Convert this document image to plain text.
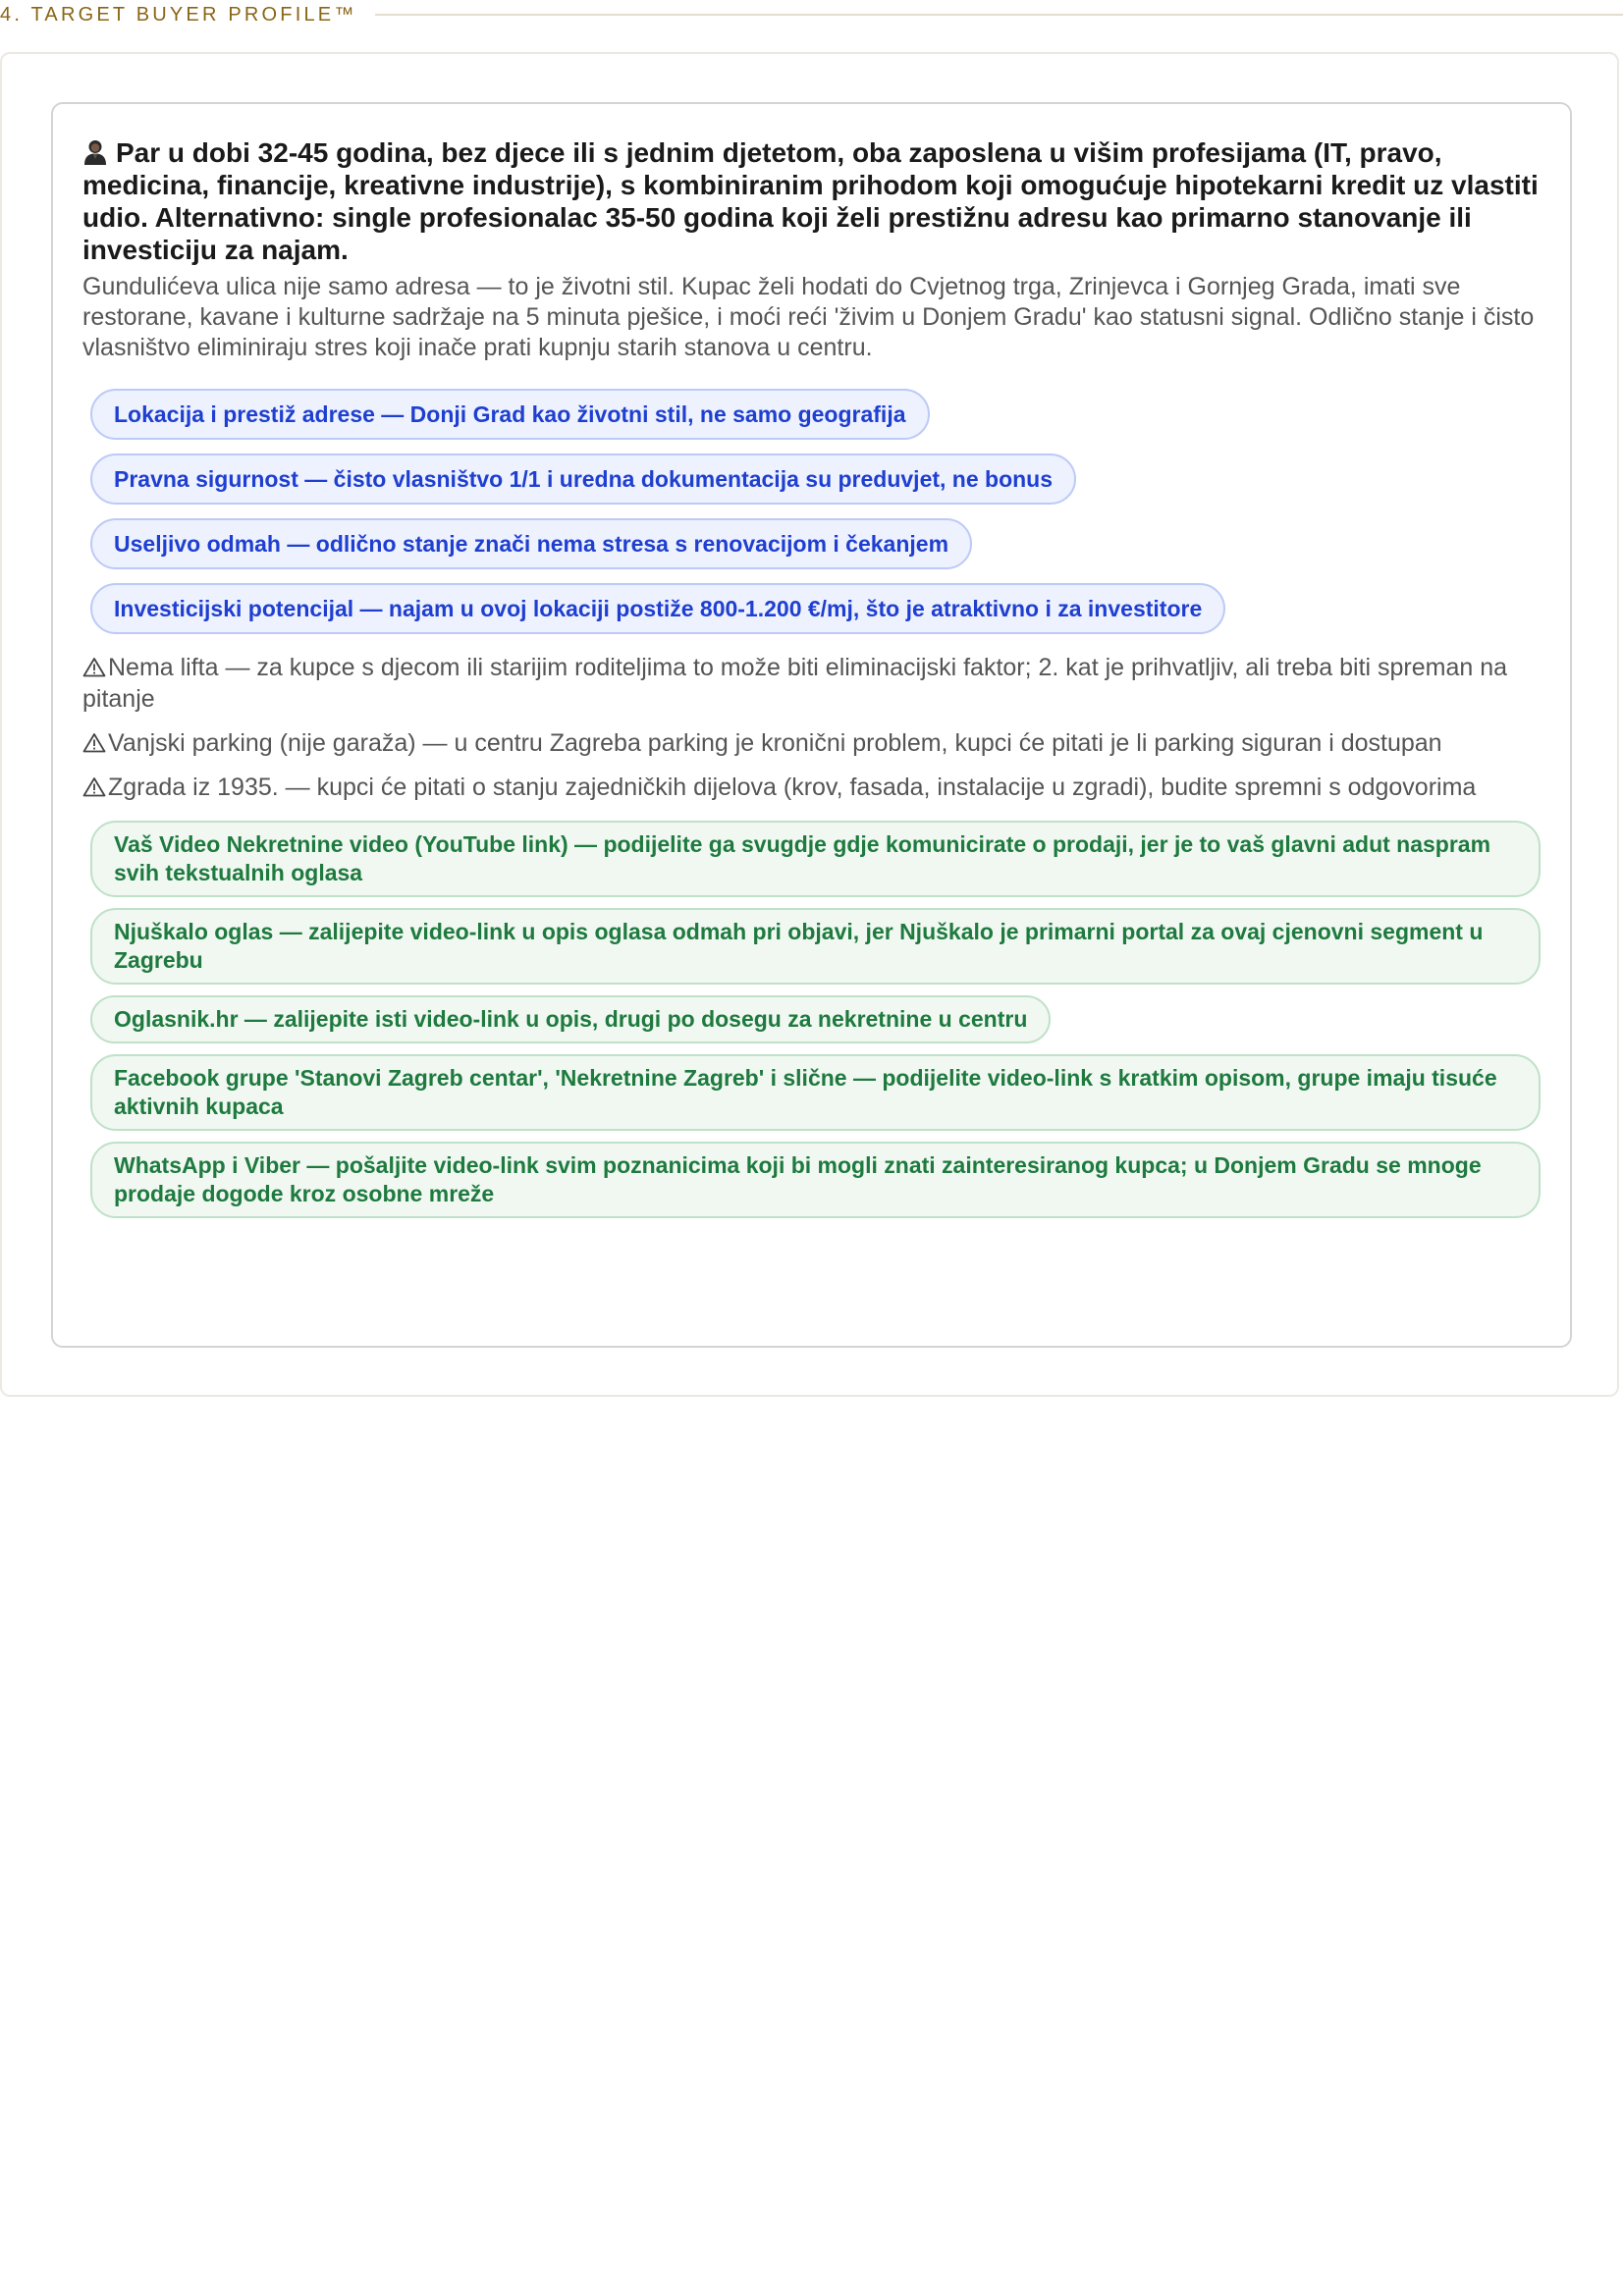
4. TARGET BUYER PROFILE™

Par u dobi 32-45 godina, bez djece ili s jednim djetetom, oba zaposlena u višim profesijama (IT, pravo, medicina, financije, kreativne industrije), s kombiniranim prihodom koji omogućuje hipotekarni kredit uz vlastiti udio. Alternativno: single profesionalac 35-50 godina koji želi prestižnu adresu kao primarno stanovanje ili investiciju za najam.

Gundulićeva ulica nije samo adresa — to je životni stil. Kupac želi hodati do Cvjetnog trga, Zrinjevca i Gornjeg Grada, imati sve restorane, kavane i kulturne sadržaje na 5 minuta pješice, i moći reći 'živim u Donjem Gradu' kao statusni signal. Odlično stanje i čisto vlasništvo eliminiraju stres koji inače prati kupnju starih stanova u centru.

Lokacija i prestiž adrese — Donji Grad kao životni stil, ne samo geografija
Pravna sigurnost — čisto vlasništvo 1/1 i uredna dokumentacija su preduvjet, ne bonus
Useljivo odmah — odlično stanje znači nema stresa s renovacijom i čekanjem
Investicijski potencijal — najam u ovoj lokaciji postiže 800-1.200 €/mj, što je atraktivno i za investitore
Nema lifta — za kupce s djecom ili starijim roditeljima to može biti eliminacijski faktor; 2. kat je prihvatljiv, ali treba biti spreman na pitanje
Vanjski parking (nije garaža) — u centru Zagreba parking je kronični problem, kupci će pitati je li parking siguran i dostupan
Zgrada iz 1935. — kupci će pitati o stanju zajedničkih dijelova (krov, fasada, instalacije u zgradi), budite spremni s odgovorima
Vaš Video Nekretnine video (YouTube link) — podijelite ga svugdje gdje komunicirate o prodaji, jer je to vaš glavni adut naspram svih tekstualnih oglasa
Njuškalo oglas — zalijepite video-link u opis oglasa odmah pri objavi, jer Njuškalo je primarni portal za ovaj cjenovni segment u Zagrebu
Oglasnik.hr — zalijepite isti video-link u opis, drugi po dosegu za nekretnine u centru
Facebook grupe 'Stanovi Zagreb centar', 'Nekretnine Zagreb' i slične — podijelite video-link s kratkim opisom, grupe imaju tisuće aktivnih kupaca
WhatsApp i Viber — pošaljite video-link svim poznanicima koji bi mogli znati zainteresiranog kupca; u Donjem Gradu se mnoge prodaje dogode kroz osobne mreže
